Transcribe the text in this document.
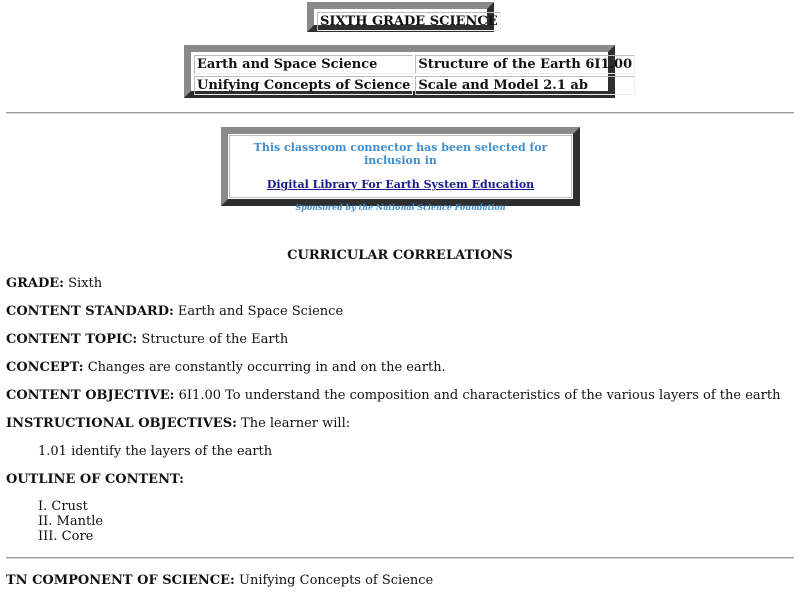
SIXTH GRADE SCIENCE
Earth and Space Science	Structure of the Earth 6I1.00
Unifying Concepts of Science	Scale and Model 2.1 ab
This classroom connector has been selected for inclusion in
Digital Library For Earth System Education
Sponsored by the National Science Foundation
CURRICULAR CORRELATIONS
GRADE: Sixth
CONTENT STANDARD: Earth and Space Science
CONTENT TOPIC: Structure of the Earth
CONCEPT: Changes are constantly occurring in and on the earth.
CONTENT OBJECTIVE: 6I1.00 To understand the composition and characteristics of the various layers of the earth
INSTRUCTIONAL OBJECTIVES: The learner will:
1.01 identify the layers of the earth
OUTLINE OF CONTENT:
I. Crust
II. Mantle
III. Core
TN COMPONENT OF SCIENCE: Unifying Concepts of Science
